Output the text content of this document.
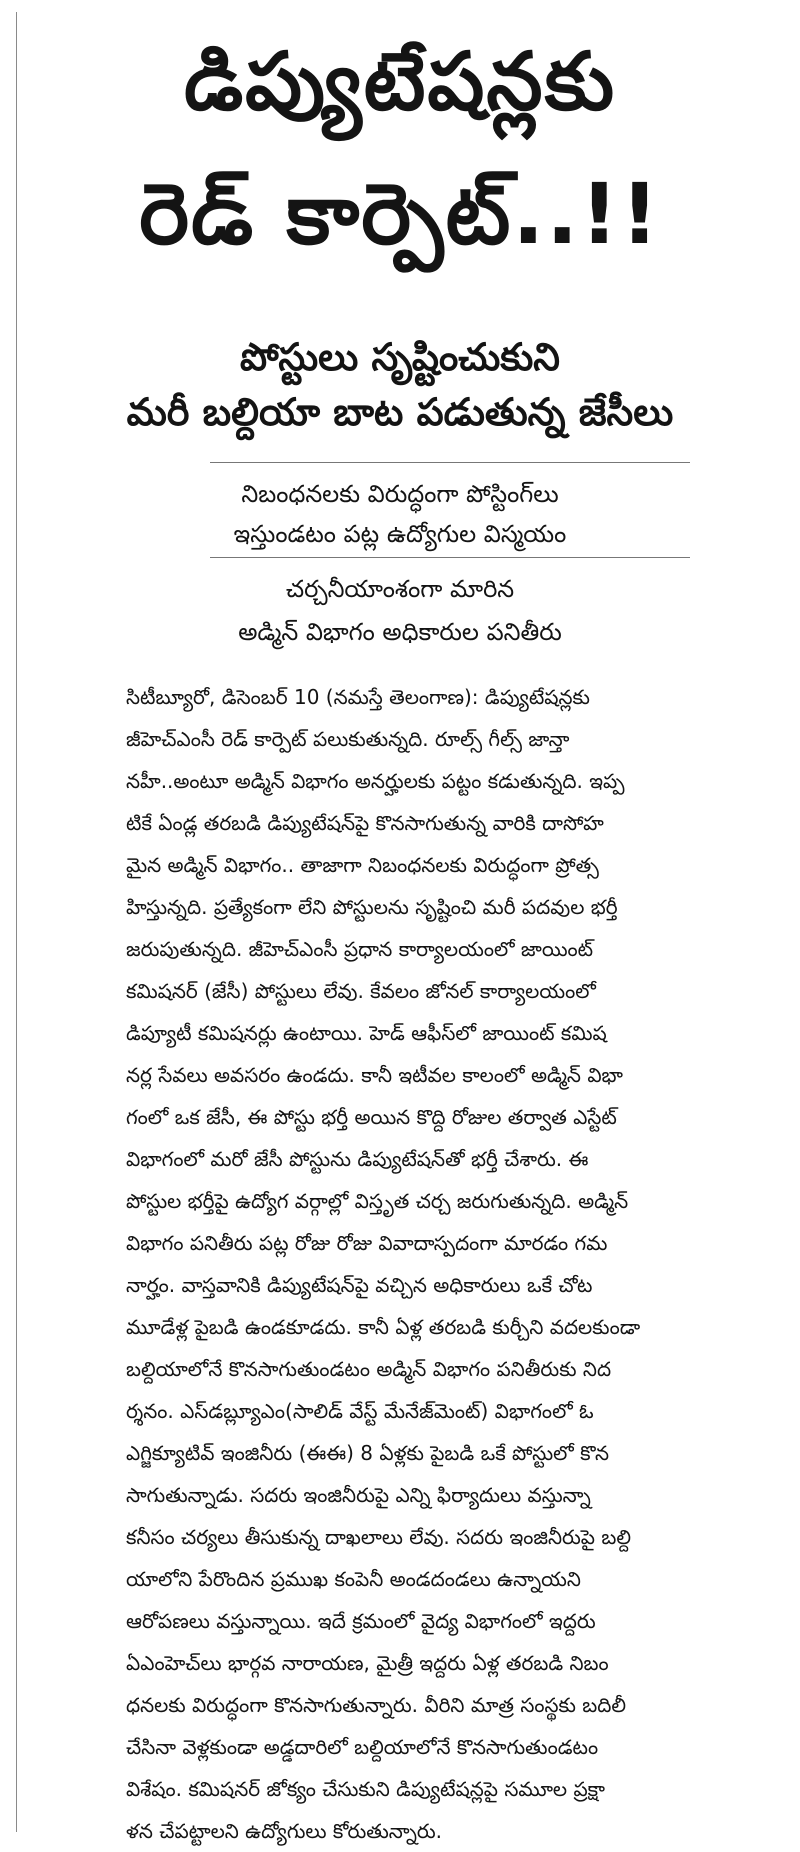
డిప్యుటేషన్లకు
రెడ్ కార్పెట్..!!
పోస్టులు సృష్టించుకుని
మరీ బల్దియా బాట పడుతున్న జేసీలు
నిబంధనలకు విరుద్ధంగా పోస్టింగ్‌లు
ఇస్తుండటం పట్ల ఉద్యోగుల విస్మయం
చర్చనీయాంశంగా మారిన
అడ్మిన్ విభాగం అధికారుల పనితీరు
సిటీబ్యూరో, డిసెంబర్ 10 (నమస్తే తెలంగాణ): డిప్యుటేషన్లకు
జీహెచ్ఎంసీ రెడ్ కార్పెట్ పలుకుతున్నది. రూల్స్ గీల్స్ జాన్తా
నహీ..అంటూ అడ్మిన్ విభాగం అనర్హులకు పట్టం కడుతున్నది. ఇప్ప
టికే ఏండ్ల తరబడి డిప్యుటేషన్‌పై కొనసాగుతున్న వారికి దాసోహ
మైన అడ్మిన్ విభాగం.. తాజాగా నిబంధనలకు విరుద్ధంగా ప్రోత్స
హిస్తున్నది. ప్రత్యేకంగా లేని పోస్టులను సృష్టించి మరీ పదవుల భర్తీ
జరుపుతున్నది. జీహెచ్ఎంసీ ప్రధాన కార్యాలయంలో జాయింట్
కమిషనర్ (జేసీ) పోస్టులు లేవు. కేవలం జోనల్ కార్యాలయంలో
డిప్యూటీ కమిషనర్లు ఉంటాయి. హెడ్ ఆఫీస్‌లో జాయింట్ కమిష
నర్ల సేవలు అవసరం ఉండదు. కానీ ఇటీవల కాలంలో అడ్మిన్ విభా
గంలో ఒక జేసీ, ఈ పోస్టు భర్తీ అయిన కొద్ది రోజుల తర్వాత ఎస్టేట్
విభాగంలో మరో జేసీ పోస్టును డిప్యుటేషన్‌తో భర్తీ చేశారు. ఈ
పోస్టుల భర్తీపై ఉద్యోగ వర్గాల్లో విస్తృత చర్చ జరుగుతున్నది. అడ్మిన్
విభాగం పనితీరు పట్ల రోజు రోజు వివాదాస్పదంగా మారడం గమ
నార్హం. వాస్తవానికి డిప్యుటేషన్‌పై వచ్చిన అధికారులు ఒకే చోట
మూడేళ్ల పైబడి ఉండకూడదు. కానీ ఏళ్ల తరబడి కుర్చీని వదలకుండా
బల్దియాలోనే కొనసాగుతుండటం అడ్మిన్ విభాగం పనితీరుకు నిద
ర్శనం. ఎస్‌డబ్ల్యూఎం(సాలిడ్ వేస్ట్ మేనేజ్‌మెంట్) విభాగంలో ఓ
ఎగ్జిక్యూటివ్ ఇంజినీరు (ఈఈ) 8 ఏళ్లకు పైబడి ఒకే పోస్టులో కొన
సాగుతున్నాడు. సదరు ఇంజినీరుపై ఎన్ని ఫిర్యాదులు వస్తున్నా
కనీసం చర్యలు తీసుకున్న దాఖలాలు లేవు. సదరు ఇంజినీరుపై బల్ది
యాలోని పేరొందిన ప్రముఖ కంపెనీ అండదండలు ఉన్నాయని
ఆరోపణలు వస్తున్నాయి. ఇదే క్రమంలో వైద్య విభాగంలో ఇద్దరు
ఏఎంహెచ్‌లు భార్గవ నారాయణ, మైత్రీ ఇద్దరు ఏళ్ల తరబడి నిబం
ధనలకు విరుద్ధంగా కొనసాగుతున్నారు. వీరిని మాత్ర సంస్థకు బదిలీ
చేసినా వెళ్లకుండా అడ్డదారిలో బల్దియాలోనే కొనసాగుతుండటం
విశేషం. కమిషనర్ జోక్యం చేసుకుని డిప్యుటేషన్లపై సమూల ప్రక్షా
ళన చేపట్టాలని ఉద్యోగులు కోరుతున్నారు.
